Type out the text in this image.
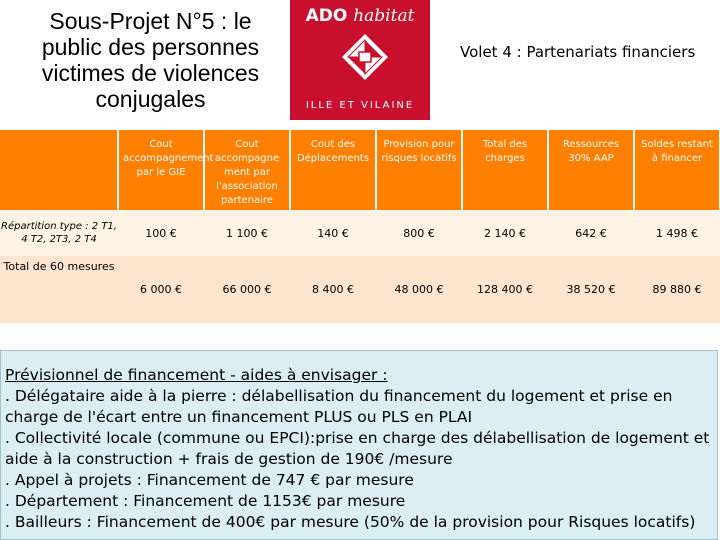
Sous-Projet N°5 : le
public des personnes
victimes de violences
conjugales
ADO habitat
ILLE ET VILAINE
Volet 4 : Partenariats financiers
	Cout accompagnement par le GIE	Cout accompagne ment par l'association partenaire	Cout des Déplacements	Provision pour risques locatifs	Total des charges	Ressources 30% AAP	Soldes restant à financer
Répartition type : 2 T1, 4 T2, 2T3, 2 T4	100 €	1 100 €	140 €	800 €	2 140 €	642 €	1 498 €
Total de 60 mesures	6 000 €	66 000 €	8 400 €	48 000 €	128 400 €	38 520 €	89 880 €
Prévisionnel de financement - aides à envisager :
. Délégataire aide à la pierre : délabellisation du financement du logement et prise en charge de l'écart entre un financement PLUS ou PLS en PLAI
. Collectivité locale (commune ou EPCI):prise en charge des délabellisation de logement et aide à la construction + frais de gestion de 190€ /mesure
. Appel à projets : Financement de 747 € par mesure
. Département : Financement de 1153€ par mesure
. Bailleurs : Financement de 400€ par mesure (50% de la provision pour Risques locatifs)
